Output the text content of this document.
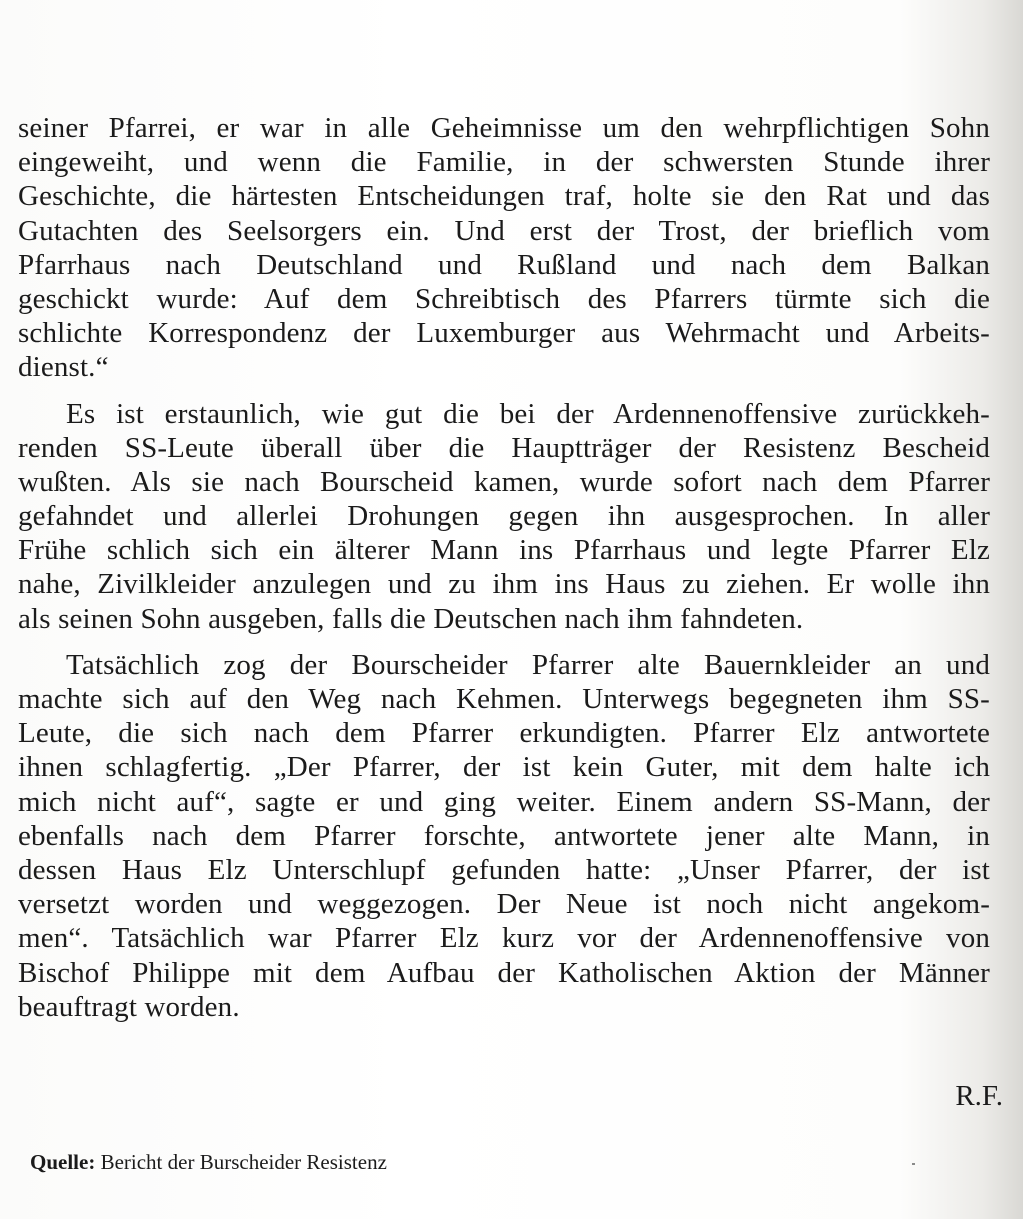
seiner Pfarrei, er war in alle Geheimnisse um den wehrpflichtigen Sohn
eingeweiht, und wenn die Familie, in der schwersten Stunde ihrer
Geschichte, die härtesten Entscheidungen traf, holte sie den Rat und das
Gutachten des Seelsorgers ein. Und erst der Trost, der brieflich vom
Pfarrhaus nach Deutschland und Rußland und nach dem Balkan
geschickt wurde: Auf dem Schreibtisch des Pfarrers türmte sich die
schlichte Korrespondenz der Luxemburger aus Wehrmacht und Arbeits-
dienst.“
Es ist erstaunlich, wie gut die bei der Ardennenoffensive zurückkeh-
renden SS-Leute überall über die Hauptträger der Resistenz Bescheid
wußten. Als sie nach Bourscheid kamen, wurde sofort nach dem Pfarrer
gefahndet und allerlei Drohungen gegen ihn ausgesprochen. In aller
Frühe schlich sich ein älterer Mann ins Pfarrhaus und legte Pfarrer Elz
nahe, Zivilkleider anzulegen und zu ihm ins Haus zu ziehen. Er wolle ihn
als seinen Sohn ausgeben, falls die Deutschen nach ihm fahndeten.
Tatsächlich zog der Bourscheider Pfarrer alte Bauernkleider an und
machte sich auf den Weg nach Kehmen. Unterwegs begegneten ihm SS-
Leute, die sich nach dem Pfarrer erkundigten. Pfarrer Elz antwortete
ihnen schlagfertig. „Der Pfarrer, der ist kein Guter, mit dem halte ich
mich nicht auf“, sagte er und ging weiter. Einem andern SS-Mann, der
ebenfalls nach dem Pfarrer forschte, antwortete jener alte Mann, in
dessen Haus Elz Unterschlupf gefunden hatte: „Unser Pfarrer, der ist
versetzt worden und weggezogen. Der Neue ist noch nicht angekom-
men“. Tatsächlich war Pfarrer Elz kurz vor der Ardennenoffensive von
Bischof Philippe mit dem Aufbau der Katholischen Aktion der Männer
beauftragt worden.
R.F.
Quelle: Bericht der Burscheider Resistenz
